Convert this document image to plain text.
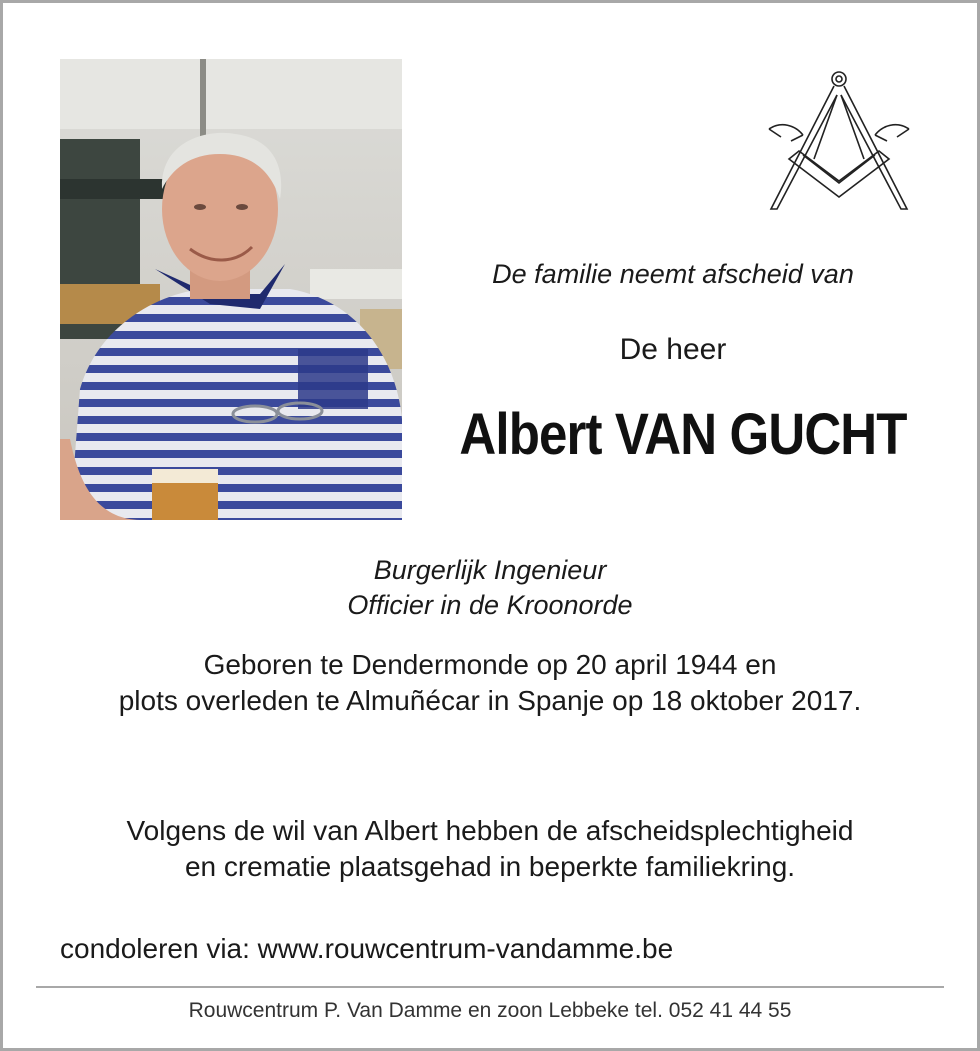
De familie neemt afscheid van
De heer
Albert VAN GUCHT
Burgerlijk Ingenieur
Officier in de Kroonorde
Geboren te Dendermonde op 20 april 1944 en
plots overleden te Almuñécar in Spanje op 18 oktober 2017.
Volgens de wil van Albert hebben de afscheidsplechtigheid
en crematie plaatsgehad in beperkte familiekring.
condoleren via: www.rouwcentrum-vandamme.be
Rouwcentrum P. Van Damme en zoon Lebbeke tel. 052 41 44 55
